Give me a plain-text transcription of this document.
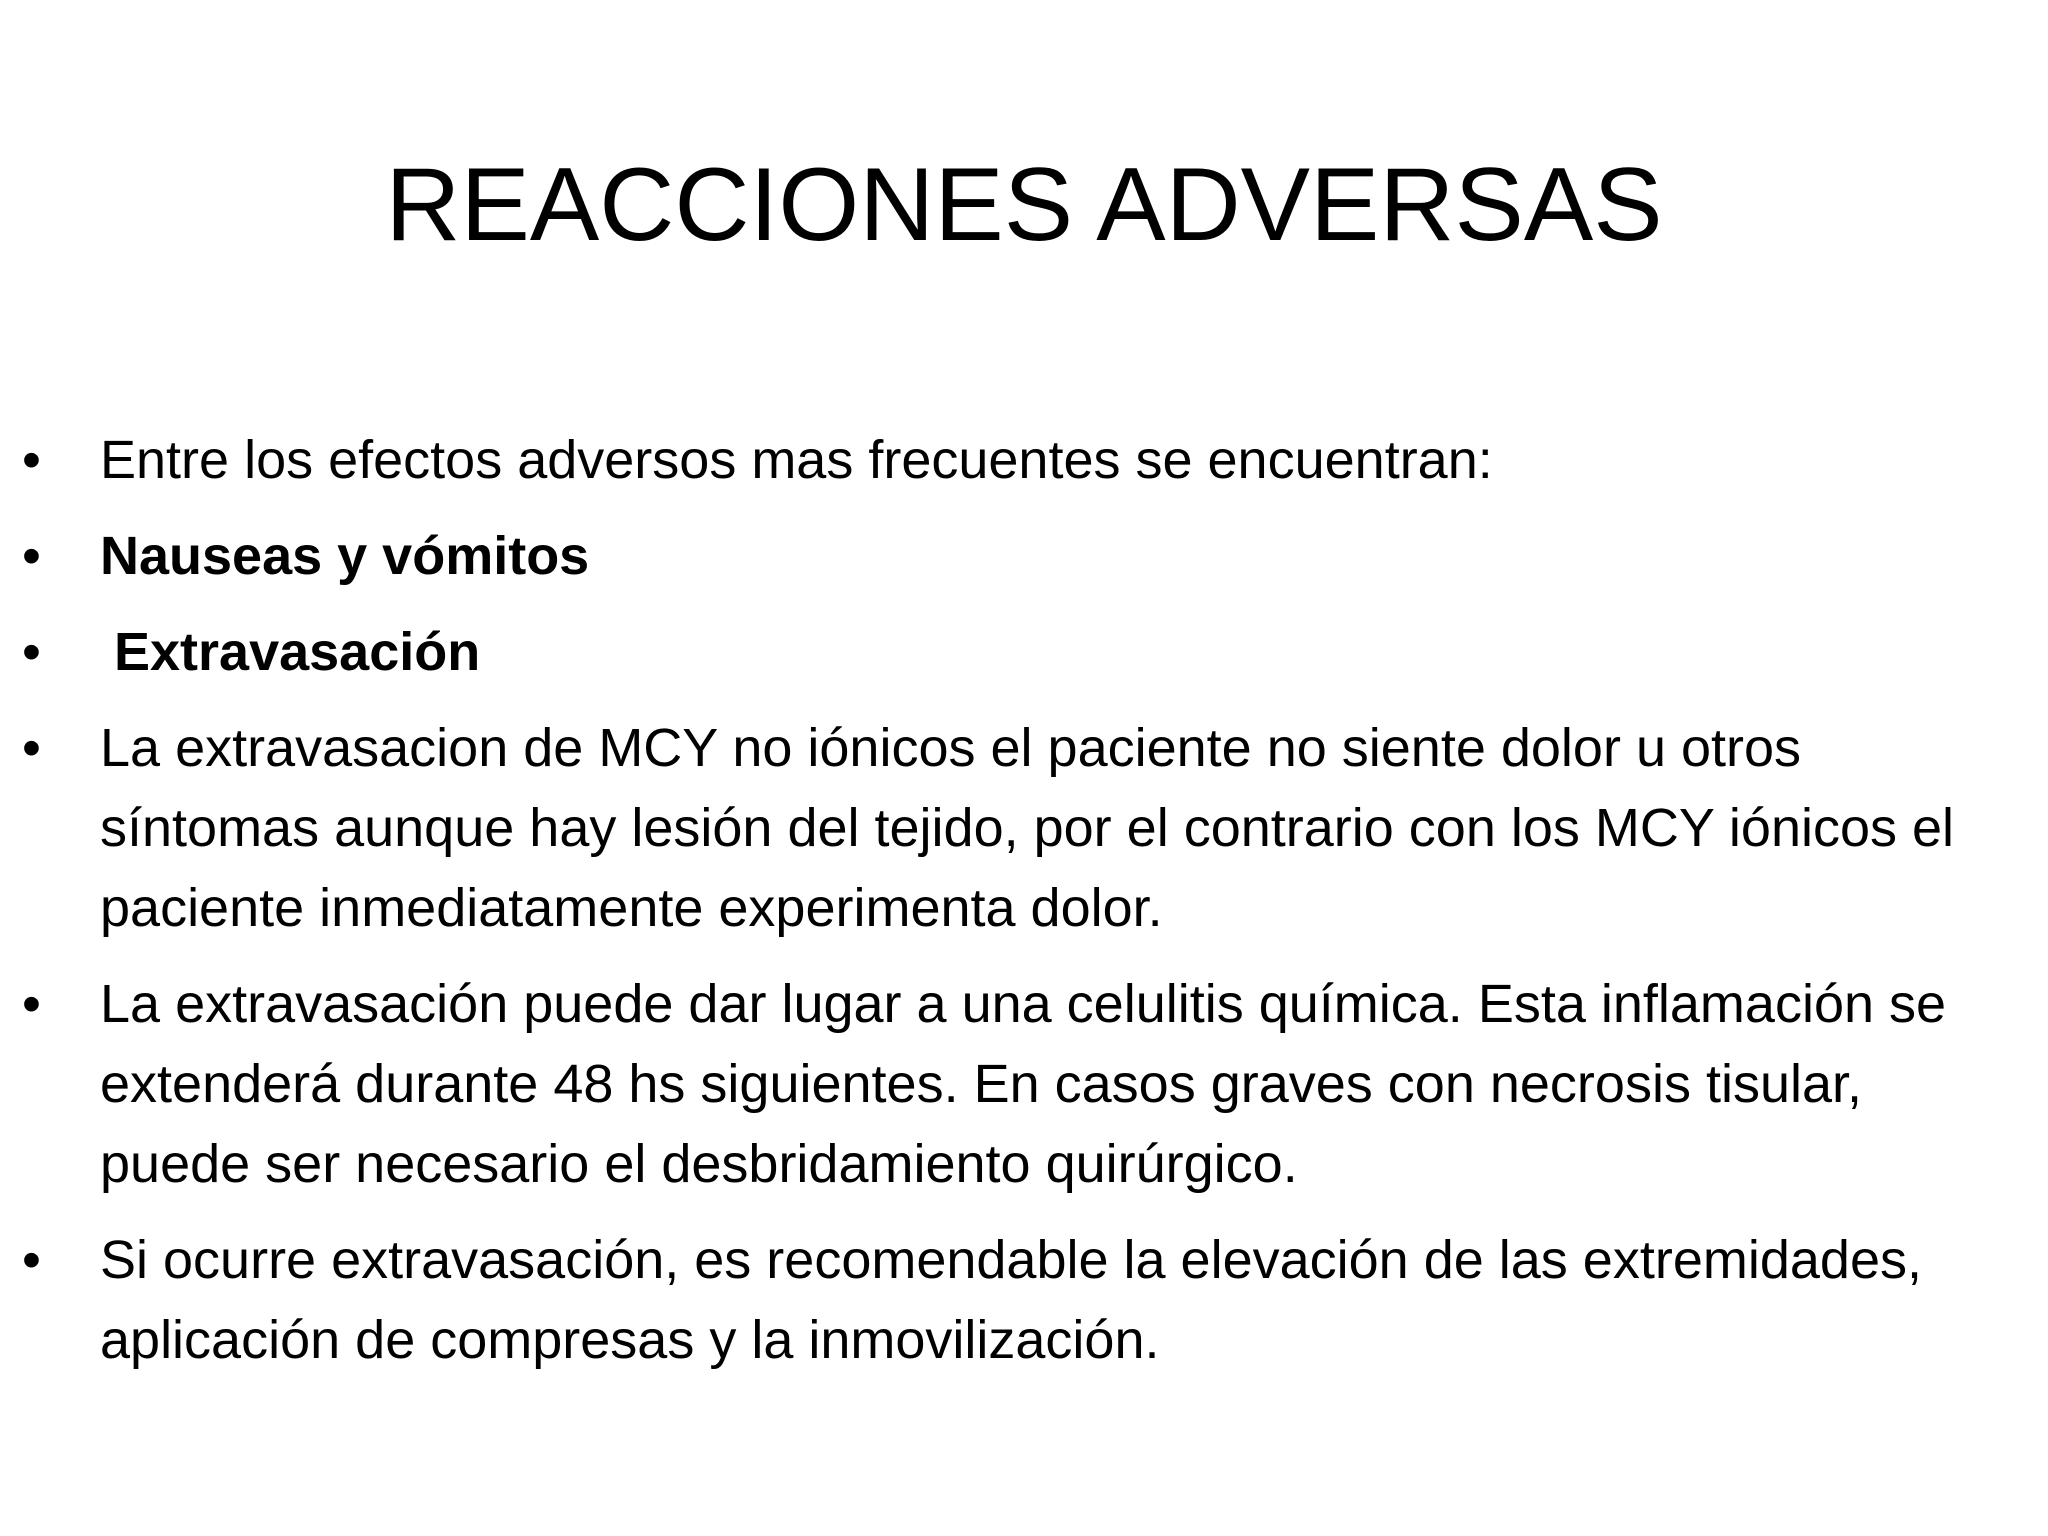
REACCIONES ADVERSAS
• Entre los efectos adversos mas frecuentes se encuentran:
• Nauseas y vómitos
• Extravasación
• La extravasacion de MCY no iónicos el paciente no siente dolor u otros síntomas aunque hay lesión del tejido, por el contrario con los MCY iónicos el paciente inmediatamente experimenta dolor.
• La extravasación puede dar lugar a una celulitis química. Esta inflamación se extenderá durante 48 hs siguientes. En casos graves con necrosis tisular, puede ser necesario el desbridamiento quirúrgico.
• Si ocurre extravasación, es recomendable la elevación de las extremidades, aplicación de compresas y la inmovilización.
